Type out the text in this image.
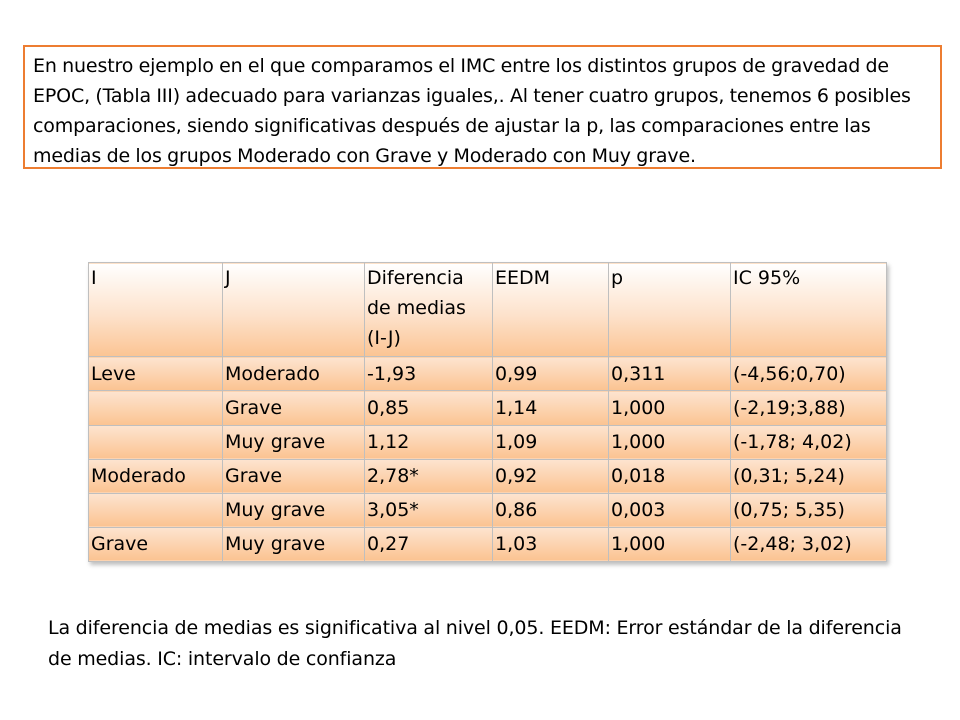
En nuestro ejemplo en el que comparamos el IMC entre los distintos grupos de gravedad de EPOC, (Tabla III) adecuado para varianzas iguales,. Al tener cuatro grupos, tenemos 6 posibles comparaciones, siendo significativas después de ajustar la p, las comparaciones entre las medias de los grupos Moderado con Grave y Moderado con Muy grave.
I	J	Diferencia de medias (I-J)	EEDM	p	IC 95%
Leve	Moderado	-1,93	0,99	0,311	(-4,56;0,70)
	Grave	0,85	1,14	1,000	(-2,19;3,88)
	Muy grave	1,12	1,09	1,000	(-1,78; 4,02)
Moderado	Grave	2,78*	0,92	0,018	(0,31; 5,24)
	Muy grave	3,05*	0,86	0,003	(0,75; 5,35)
Grave	Muy grave	0,27	1,03	1,000	(-2,48; 3,02)
La diferencia de medias es significativa al nivel 0,05. EEDM: Error estándar de la diferencia de medias. IC: intervalo de confianza
